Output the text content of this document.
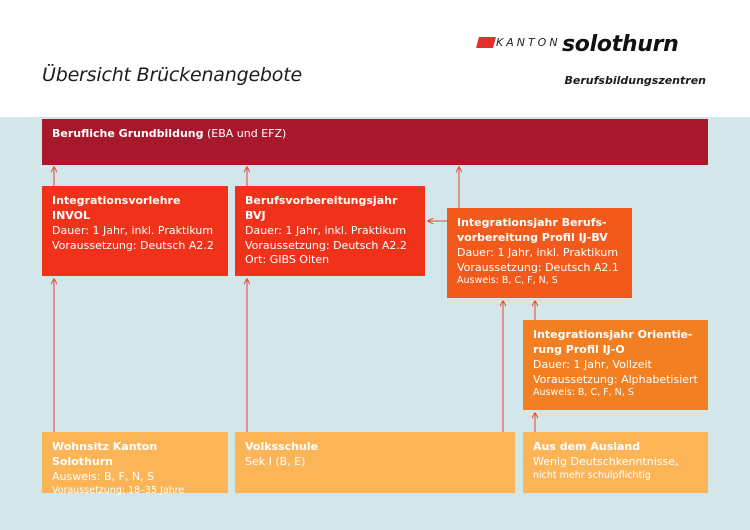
Übersicht Brückenangebote
KANTON solothurn
Berufsbildungszentren
Berufliche Grundbildung (EBA und EFZ)
Integrationsvorlehre INVOL
Dauer: 1 Jahr, inkl. Praktikum
Voraussetzung: Deutsch A2.2
Berufsvorbereitungsjahr BVJ
Dauer: 1 Jahr, inkl. Praktikum
Voraussetzung: Deutsch A2.2
Ort: GIBS Olten
Integrationsjahr Berufs-
vorbereitung Profil IJ-BV
Dauer: 1 Jahr, inkl. Praktikum
Voraussetzung: Deutsch A2.1
Ausweis: B, C, F, N, S
Integrationsjahr Orientie-
rung Profil IJ-O
Dauer: 1 Jahr, Vollzeit
Voraussetzung: Alphabetisiert
Ausweis: B, C, F, N, S
Wohnsitz Kanton Solothurn
Ausweis: B, F, N, S
Voraussetzung: 18–35 Jahre
Volksschule
Sek I (B, E)
Aus dem Ausland
Wenig Deutschkenntnisse,
nicht mehr schulpflichtig
